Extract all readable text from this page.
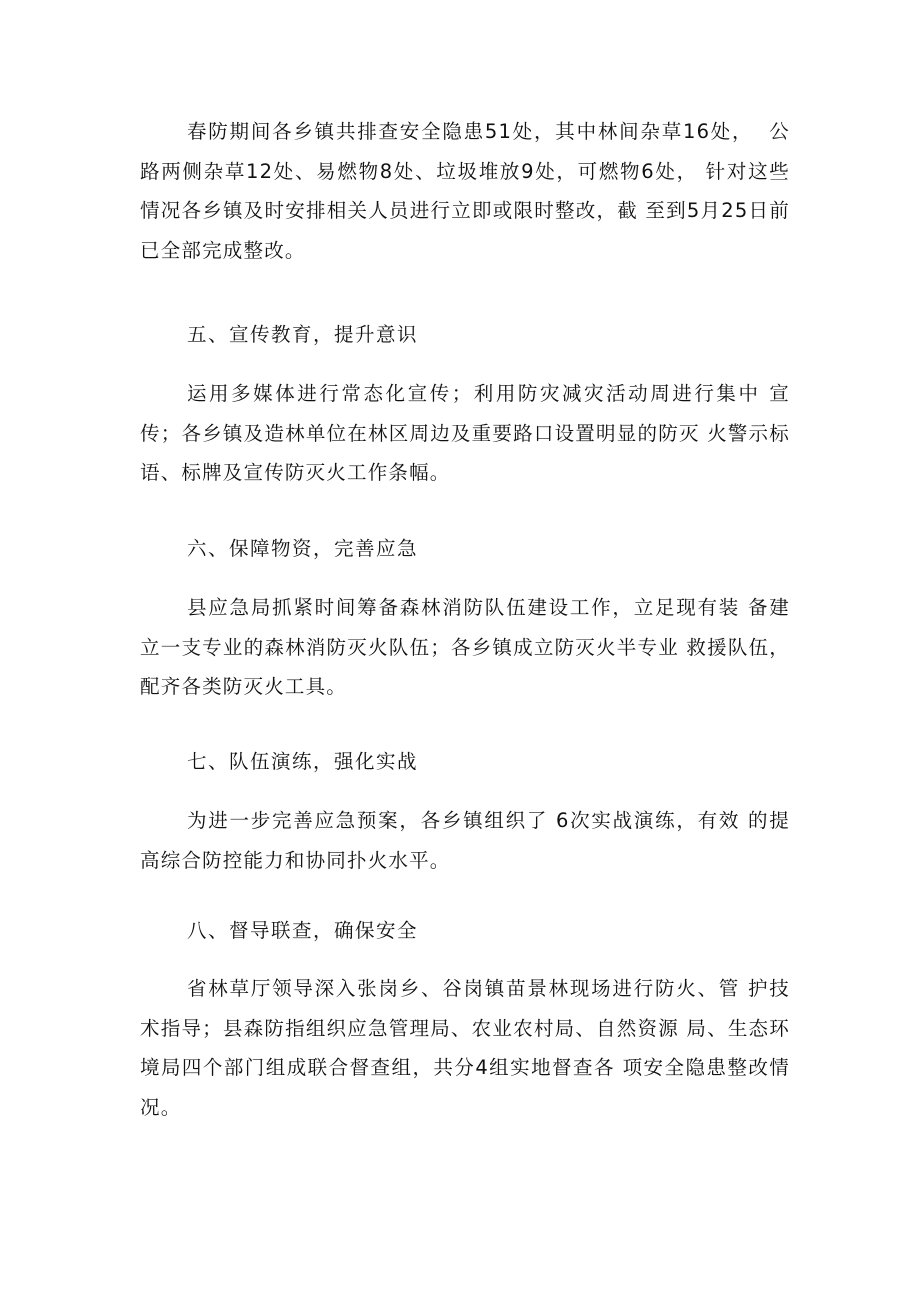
春防期间各乡镇共排查安全隐患51处，其中林间杂草16处，  公路两侧杂草12处、易燃物8处、垃圾堆放9处，可燃物6处， 针对这些情况各乡镇及时安排相关人员进行立即或限时整改，截 至到5月25日前已全部完成整改。

五、宣传教育，提升意识

运用多媒体进行常态化宣传；利用防灾减灾活动周进行集中 宣传；各乡镇及造林单位在林区周边及重要路口设置明显的防灭 火警示标语、标牌及宣传防灭火工作条幅。

六、保障物资，完善应急

县应急局抓紧时间筹备森林消防队伍建设工作，立足现有装 备建立一支专业的森林消防灭火队伍；各乡镇成立防灭火半专业 救援队伍，配齐各类防灭火工具。

七、队伍演练，强化实战

为进一步完善应急预案，各乡镇组织了 6次实战演练，有效 的提高综合防控能力和协同扑火水平。

八、督导联查，确保安全

省林草厅领导深入张岗乡、谷岗镇苗景林现场进行防火、管 护技术指导；县森防指组织应急管理局、农业农村局、自然资源 局、生态环境局四个部门组成联合督查组，共分4组实地督查各 项安全隐患整改情况。
